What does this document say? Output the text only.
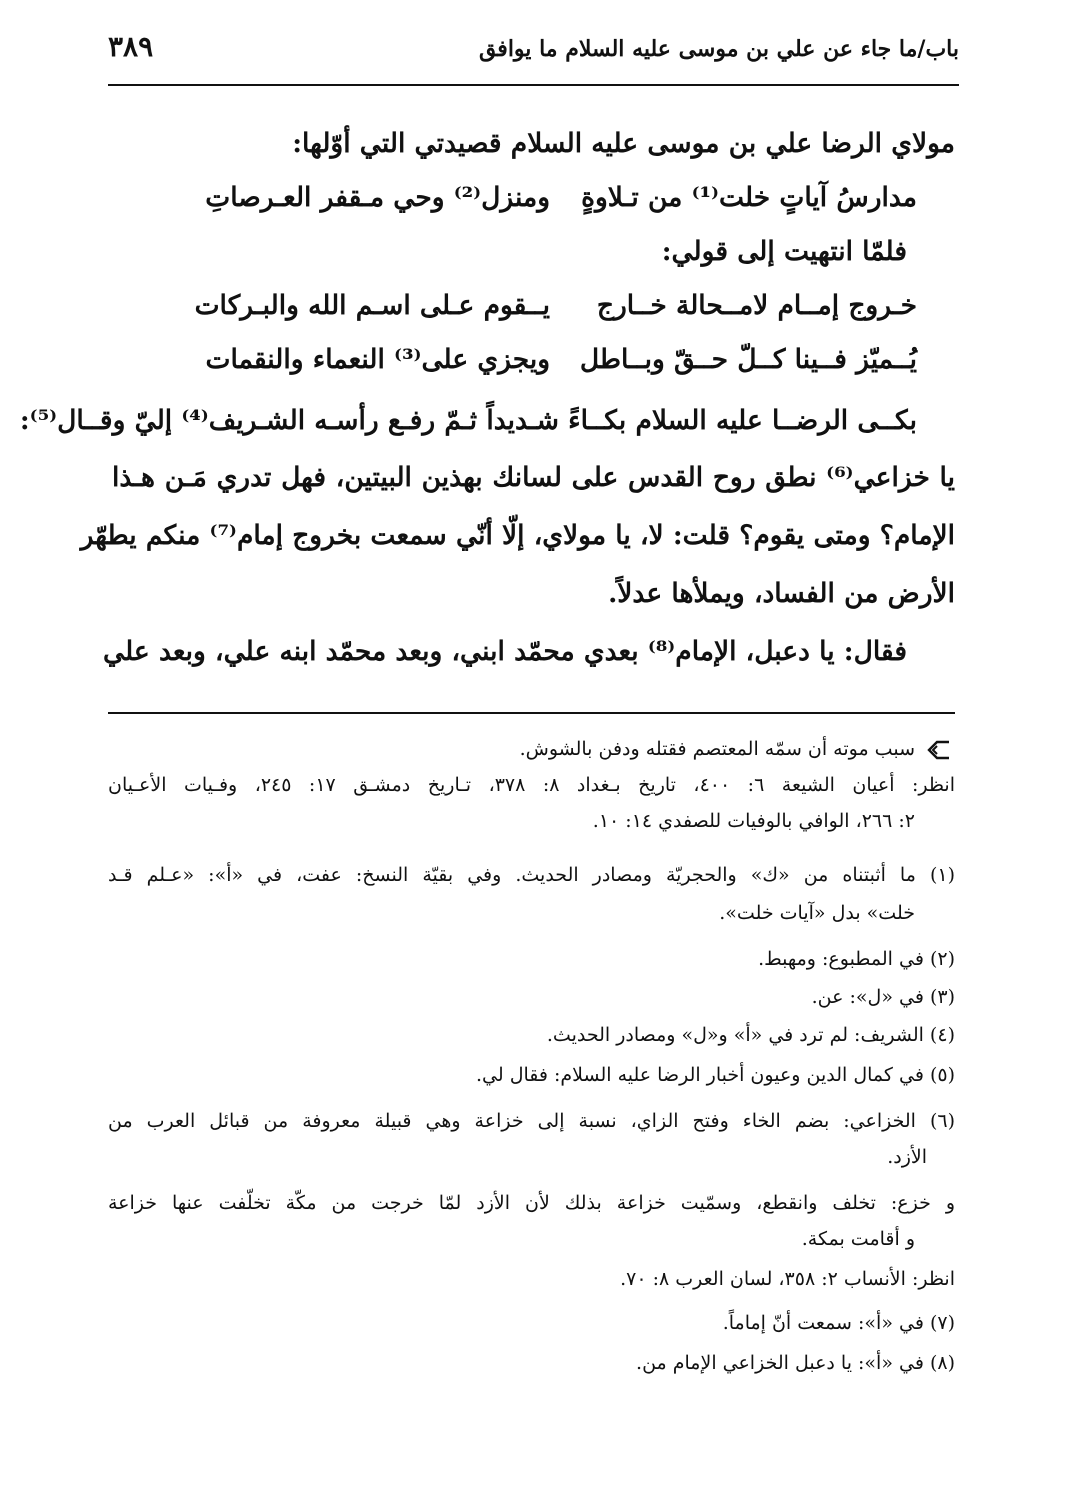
باب/ما جاء عن علي بن موسى عليه السلام ما يوافق
٣٨٩
مولاي الرضا علي بن موسى عليه السلام قصيدتي التي أوّلها:
مدارسُ آياتٍ خلت⁽¹⁾ من تـلاوةٍ
ومنزل⁽²⁾ وحي مـقفر العـرصاتِ
فلمّا انتهيت إلى قولي:
خـروج إمــام لامــحالة خــارج
يــقوم عـلى اسـم الله والبـركات
يُــميّز فــينا كــلّ حــقّ وبــاطل
ويجزي على⁽³⁾ النعماء والنقمات
بكــى الرضــا عليه السلام بكــاءً شـديداً ثـمّ رفـع رأسـه الشـريف⁽⁴⁾ إليّ وقــال⁽⁵⁾:
يا خزاعي⁽⁶⁾ نطق روح القدس على لسانك بهذين البيتين، فهل تدري مَـن هـذا
الإمام؟ ومتى يقوم؟ قلت: لا، يا مولاي، إلّا أنّي سمعت بخروج إمام⁽⁷⁾ منكم يطهّر
الأرض من الفساد، ويملأها عدلاً.
فقال: يا دعبل، الإمام⁽⁸⁾ بعدي محمّد ابني، وبعد محمّد ابنه علي، وبعد علي
سبب موته أن سمّه المعتصم فقتله ودفن بالشوش.
انظر: أعيان الشيعة ٦: ٤٠٠، تاريخ بـغداد ٨: ٣٧٨، تـاريخ دمشـق ١٧: ٢٤٥، وفـيات الأعـيان
٢: ٢٦٦، الوافي بالوفيات للصفدي ١٤: ١٠.
(١) ما أثبتناه من «ك» والحجريّة ومصادر الحديث. وفي بقيّة النسخ: عفت، في «أ»: «عـلم قـد
خلت» بدل «آيات خلت».
(٢) في المطبوع: ومهبط.
(٣) في «ل»: عن.
(٤) الشريف: لم ترد في «أ» و«ل» ومصادر الحديث.
(٥) في كمال الدين وعيون أخبار الرضا عليه السلام: فقال لي.
(٦) الخزاعي: بضم الخاء وفتح الزاي، نسبة إلى خزاعة وهي قبيلة معروفة من قبائل العرب من
الأزد.
و خزع: تخلف وانقطع، وسمّيت خزاعة بذلك لأن الأزد لمّا خرجت من مكّة تخلّفت عنها خزاعة
و أقامت بمكة.
انظر: الأنساب ٢: ٣٥٨، لسان العرب ٨: ٧٠.
(٧) في «أ»: سمعت أنّ إماماً.
(٨) في «أ»: يا دعبل الخزاعي الإمام من.
